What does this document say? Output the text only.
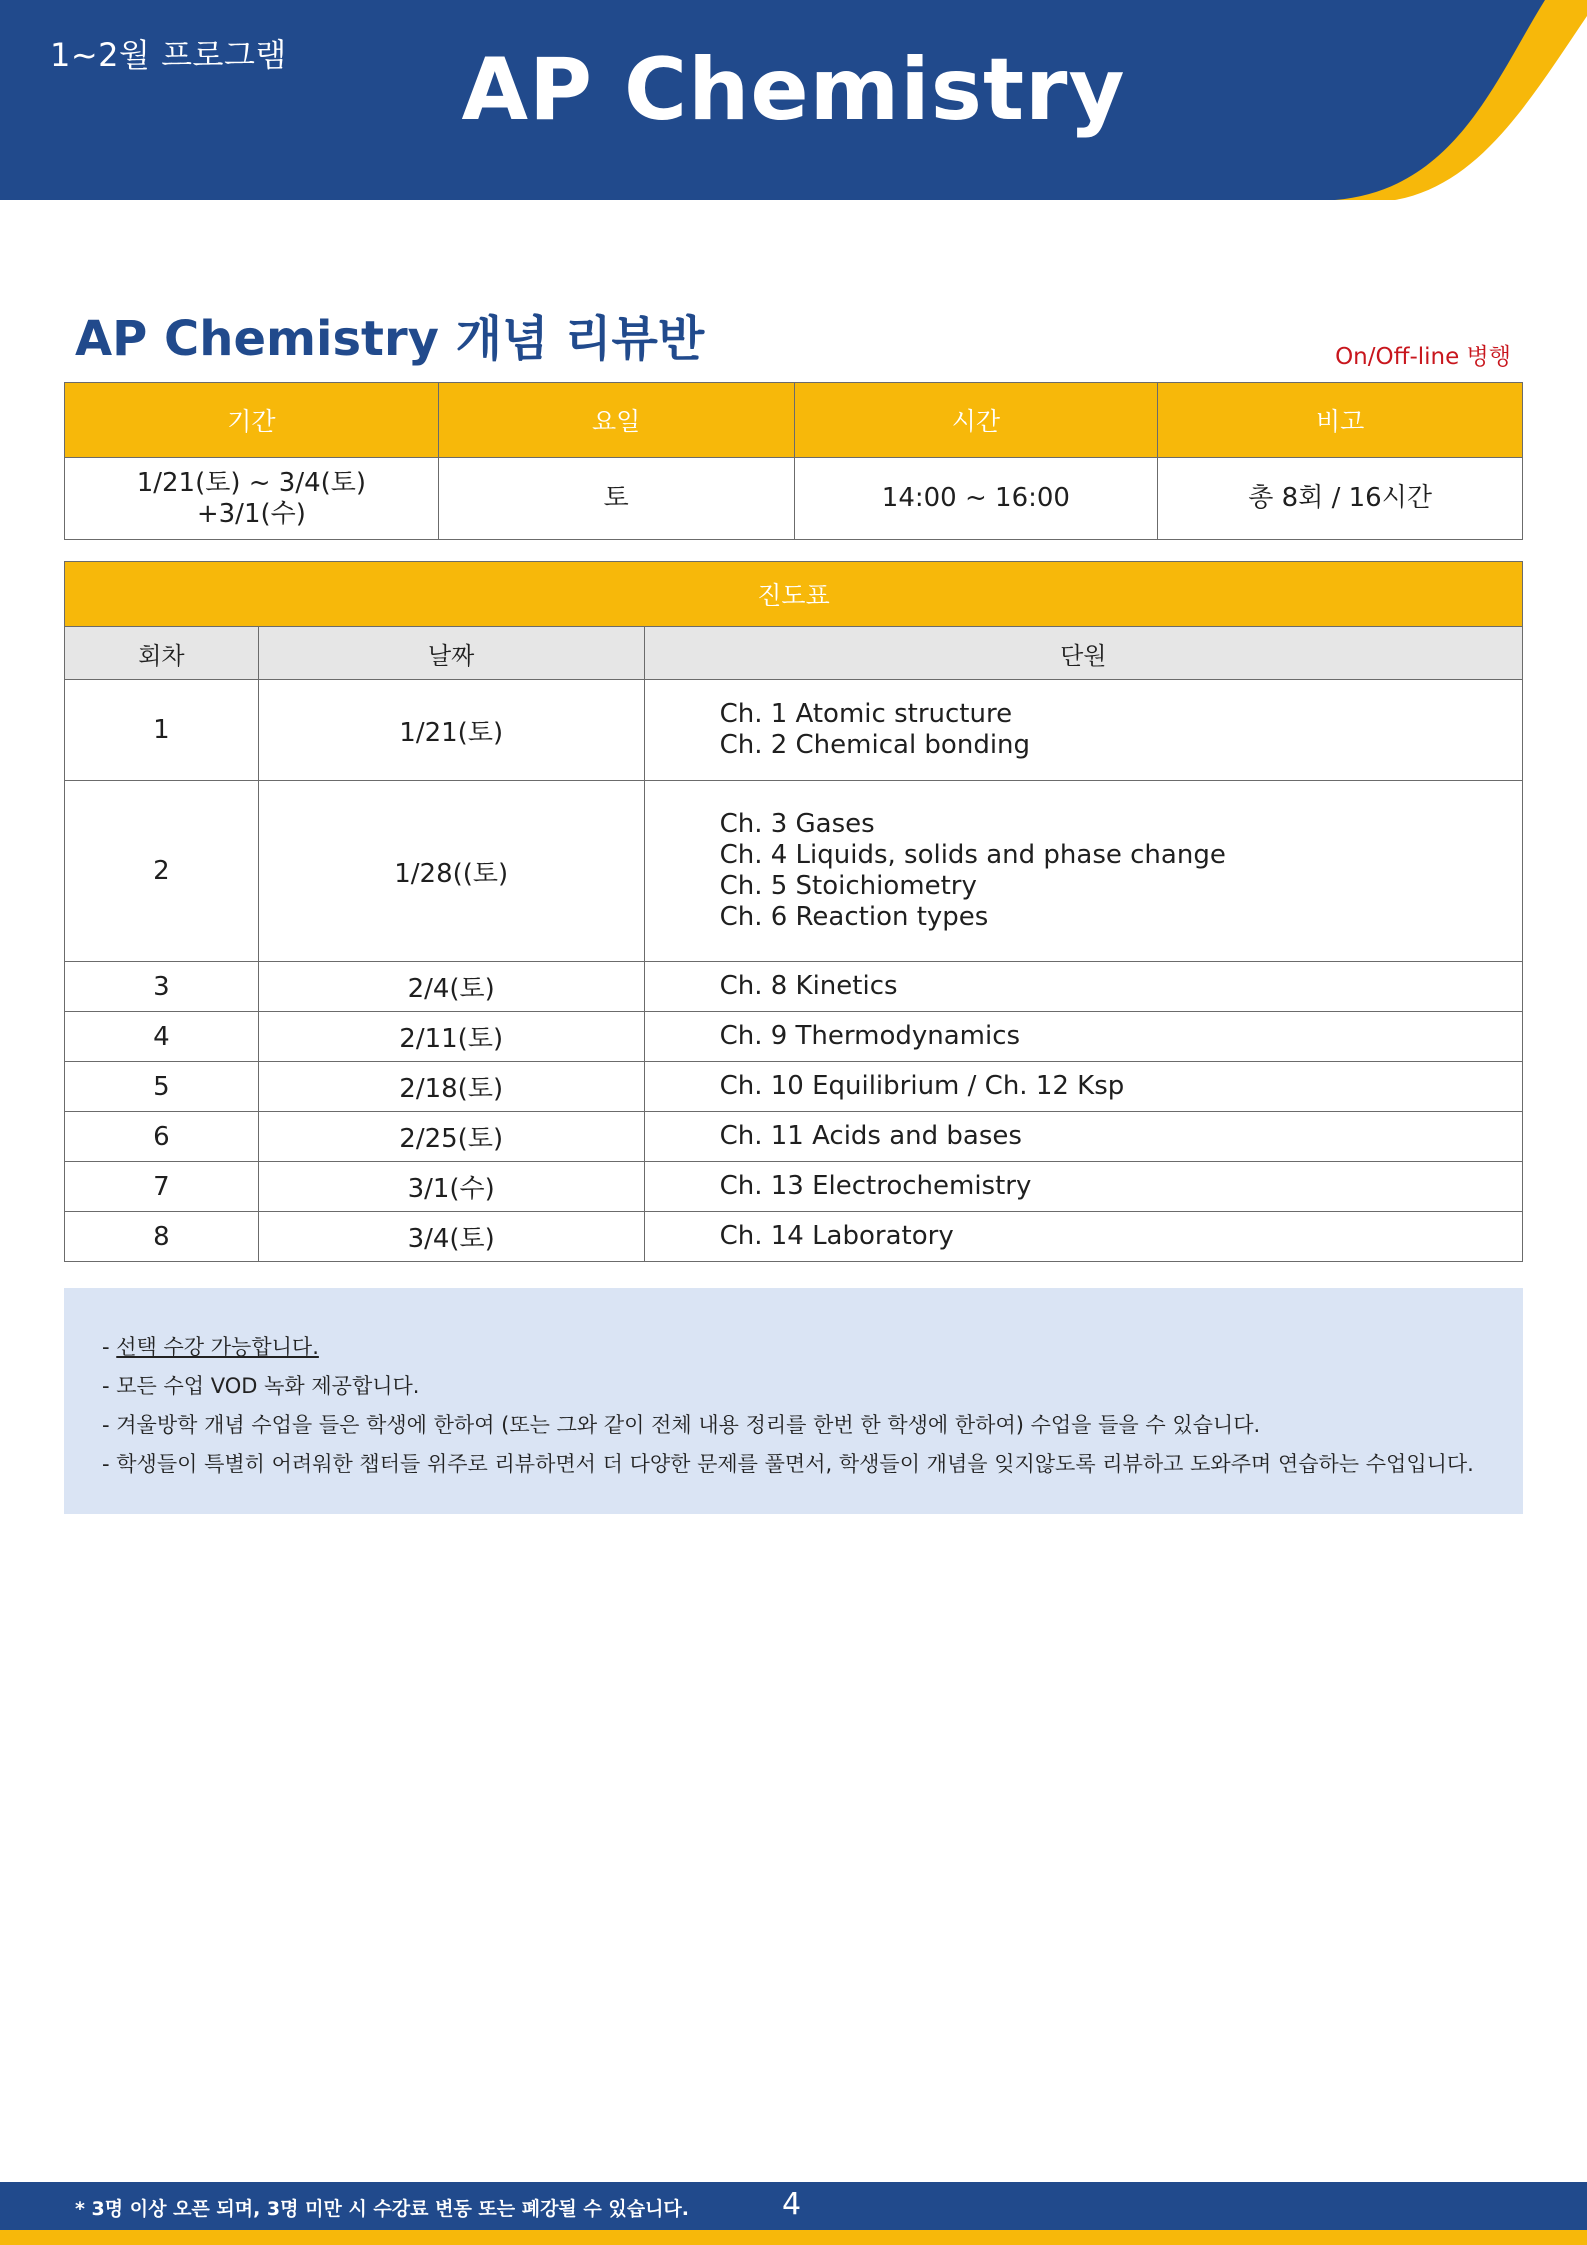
1~2월 프로그램	AP Chemistry
AP Chemistry 개념 리뷰반	On/Off-line 병행
기간	요일	시간	비고

1/21(토) ~ 3/4(토)
+3/1(수)	토	14:00 ~ 16:00	총 8회 / 16시간
진도표		
회차	날짜	단원
1	1/21(토)	Ch. 1 Atomic structure
Ch. 2 Chemical bonding

2	1/28((토)	Ch. 3 Gases
Ch. 4 Liquids, solids and phase change
Ch. 5 Stoichiometry
Ch. 6 Reaction types

3	2/4(토)	Ch. 8 Kinetics
4	2/11(토)	Ch. 9 Thermodynamics
5	2/18(토)	Ch. 10 Equilibrium / Ch. 12 Ksp
6	2/25(토)	Ch. 11 Acids and bases
7	3/1(수)	Ch. 13 Electrochemistry
8	3/4(토)	Ch. 14 Laboratory
- 선택 수강 가능합니다.
- 모든 수업 VOD 녹화 제공합니다.
- 겨울방학 개념 수업을 들은 학생에 한하여 (또는 그와 같이 전체 내용 정리를 한번 한 학생에 한하여) 수업을 들을 수 있습니다.
- 학생들이 특별히 어려워한 챕터들 위주로 리뷰하면서 더 다양한 문제를 풀면서, 학생들이 개념을 잊지않도록 리뷰하고 도와주며 연습하는 수업입니다.
* 3명 이상 오픈 되며, 3명 미만 시 수강료 변동 또는 폐강될 수 있습니다.	4
